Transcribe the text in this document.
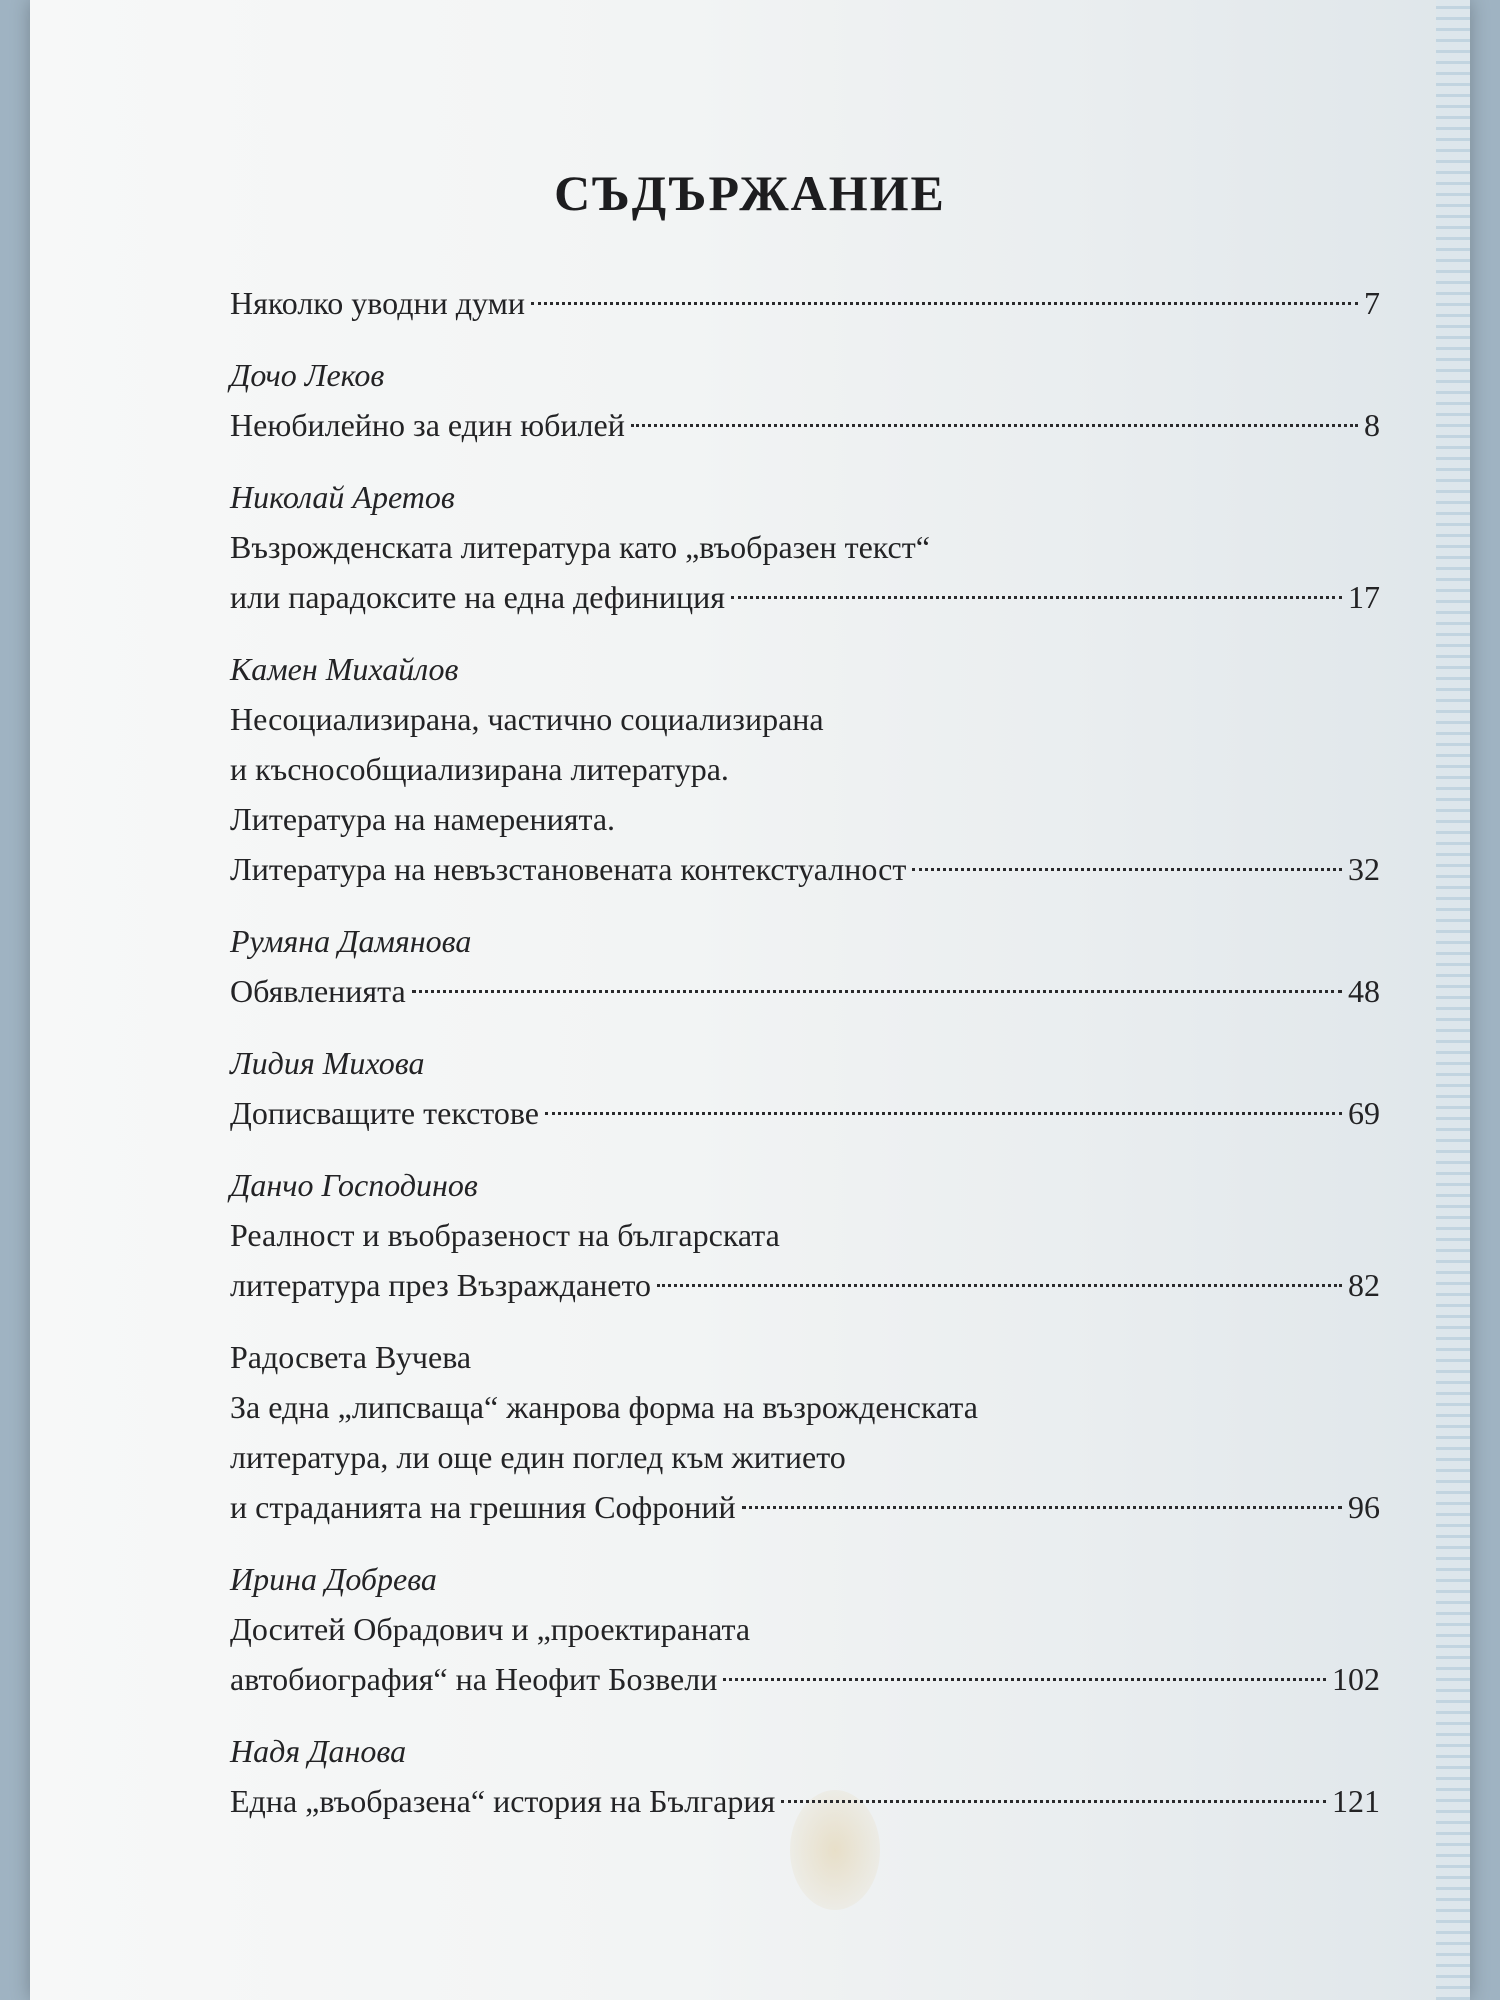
СЪДЪРЖАНИЕ
Няколко уводни думи	7
Дочо Леков
Неюбилейно за един юбилей	8
Николай Аретов
Възрожденската литература като „въобразен текст“
или парадоксите на една дефиниция	17
Камен Михайлов
Несоциализирана, частично социализирана
и къснособщиализирана литература.
Литература на намеренията.
Литература на невъзстановената контекстуалност	32
Румяна Дамянова
Обявленията	48
Лидия Михова
Дописващите текстове	69
Данчо Господинов
Реалност и въобразеност на българската
литература през Възраждането	82
Радосвета Вучева
За една „липсваща“ жанрова форма на възрожденската
литература, ли още един поглед към житието
и страданията на грешния Софроний	96
Ирина Добрева
Доситей Обрадович и „проектираната
автобиография“ на Неофит Бозвели	102
Надя Данова
Една „въобразена“ история на България	121
